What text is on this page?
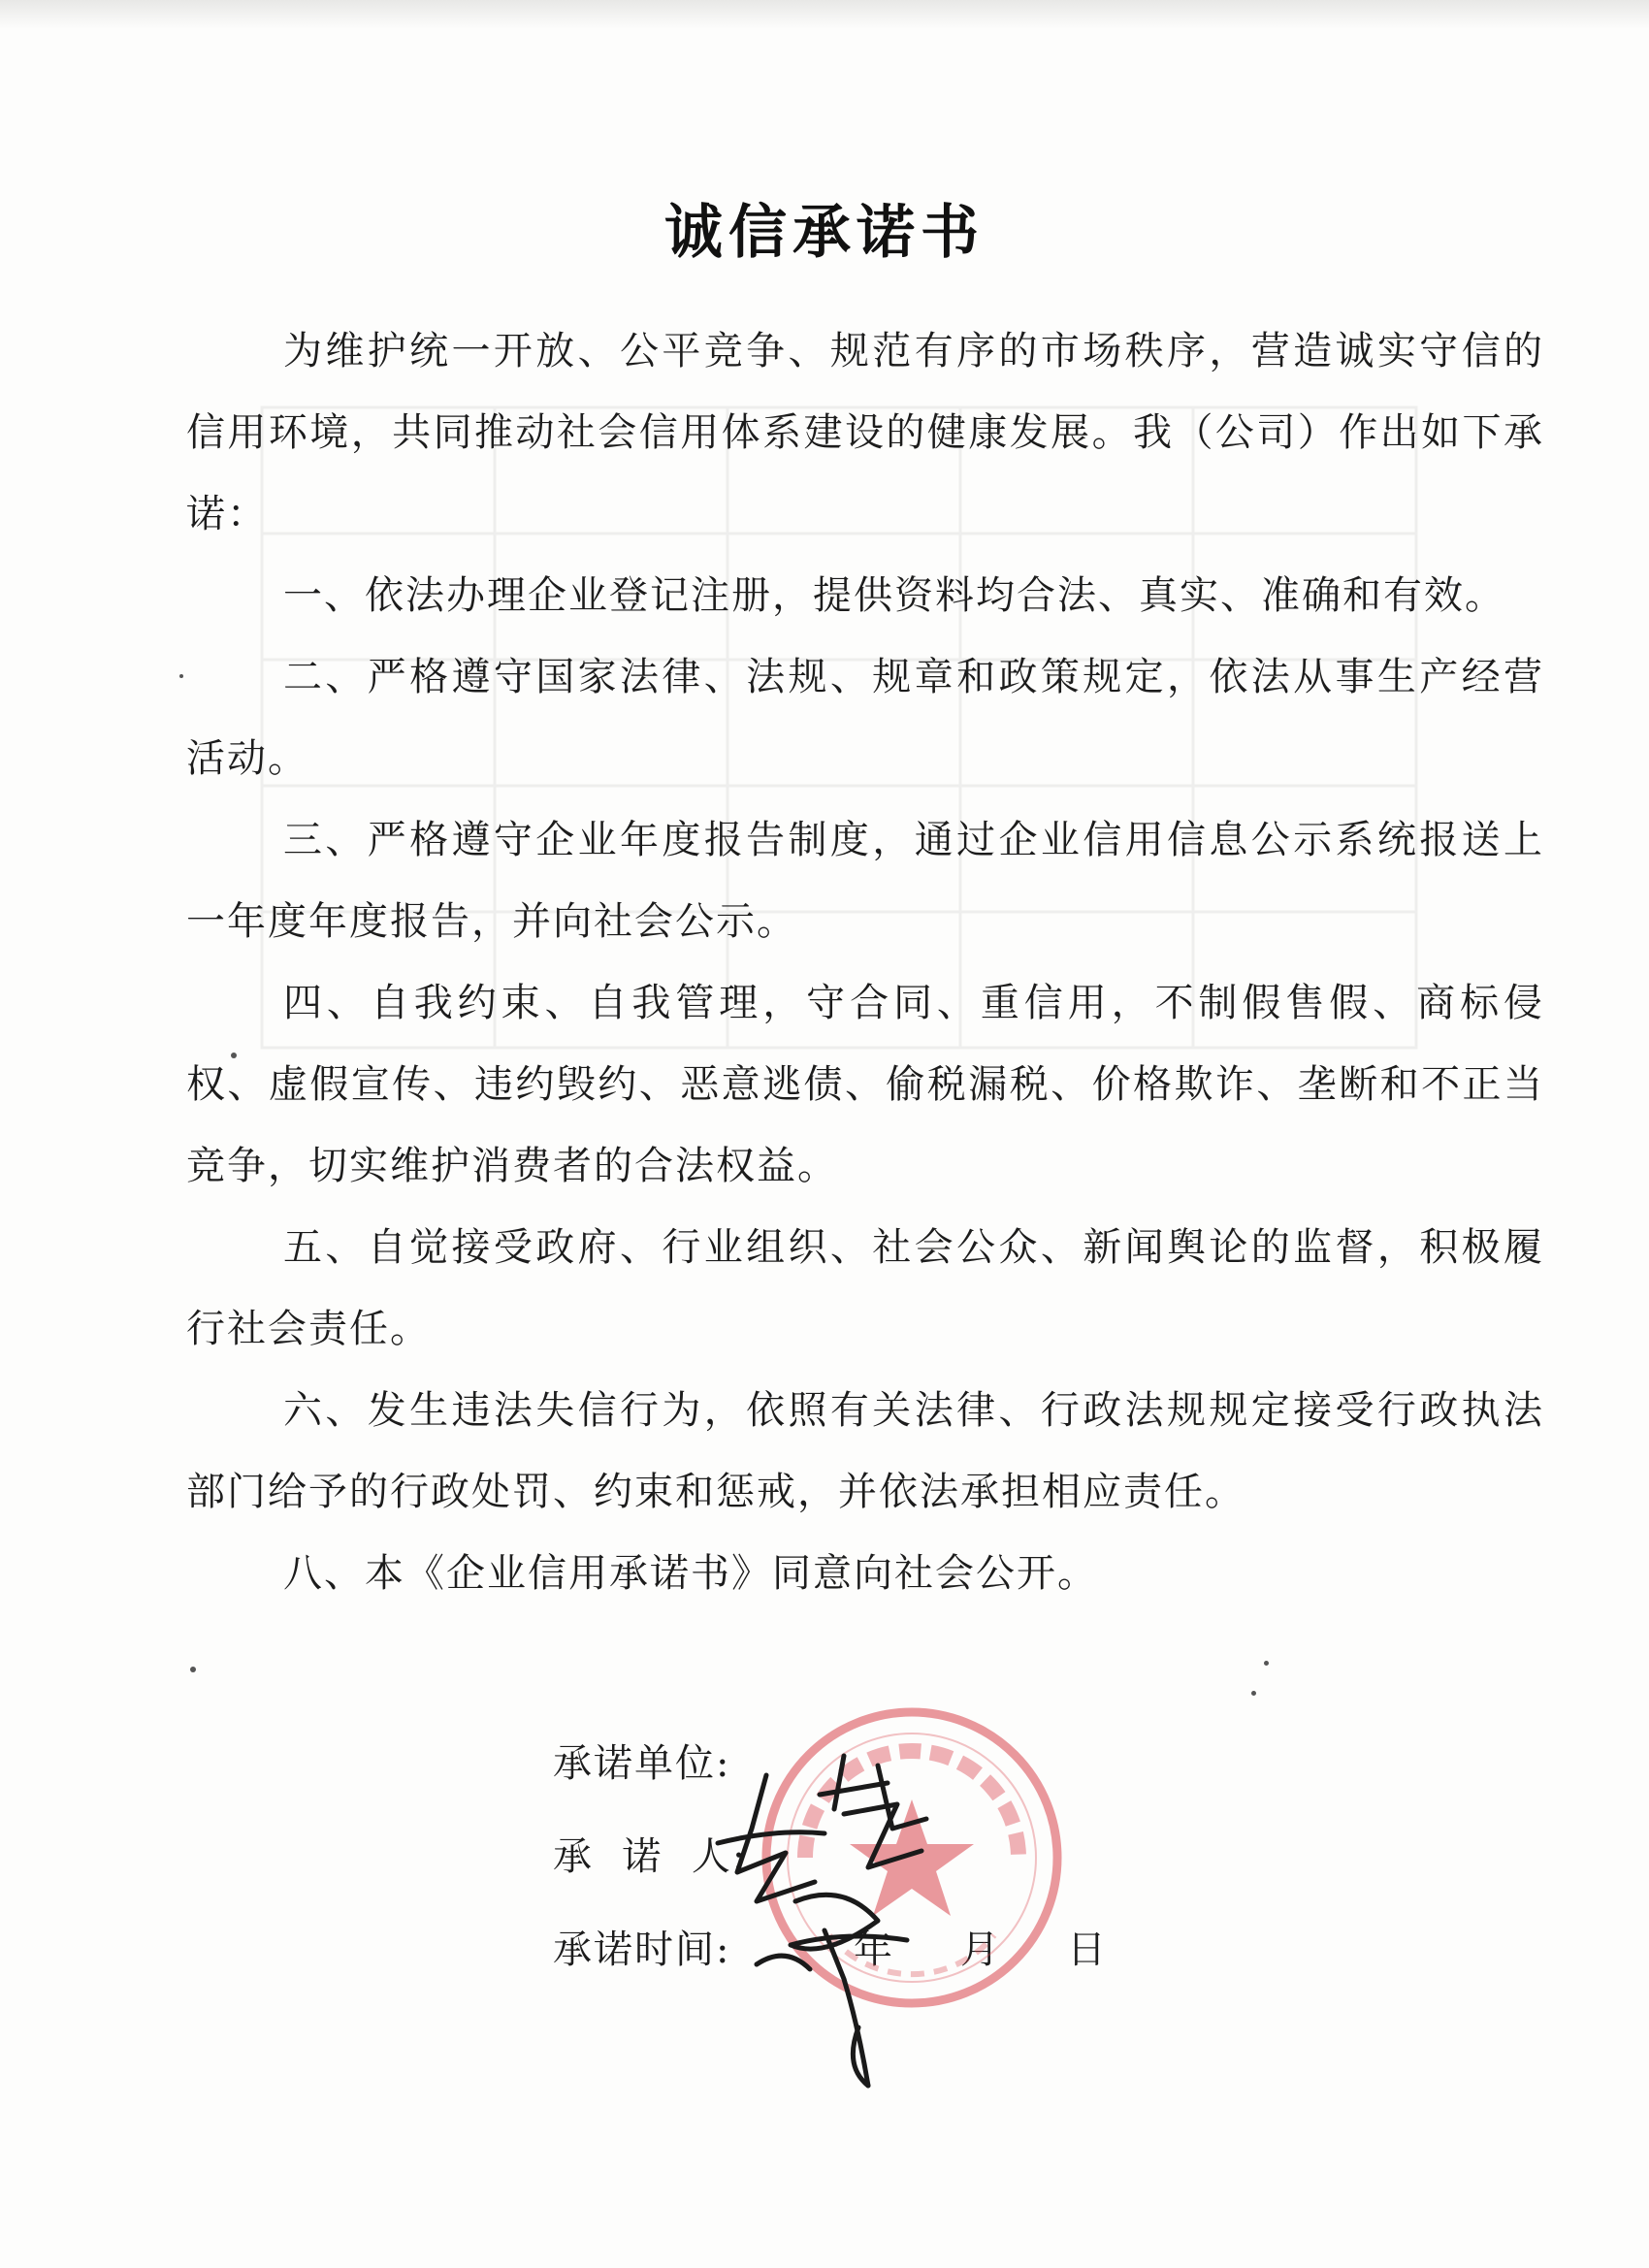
诚信承诺书

为维护统一开放、公平竞争、规范有序的市场秩序，营造诚实守信的信用环境，共同推动社会信用体系建设的健康发展。我（公司）作出如下承诺：

一、依法办理企业登记注册，提供资料均合法、真实、准确和有效。

二、严格遵守国家法律、法规、规章和政策规定，依法从事生产经营活动。

三、严格遵守企业年度报告制度，通过企业信用信息公示系统报送上一年度年度报告，并向社会公示。

四、自我约束、自我管理，守合同、重信用，不制假售假、商标侵权、虚假宣传、违约毁约、恶意逃债、偷税漏税、价格欺诈、垄断和不正当竞争，切实维护消费者的合法权益。

五、自觉接受政府、行业组织、社会公众、新闻舆论的监督，积极履行社会责任。

六、发生违法失信行为，依照有关法律、行政法规规定接受行政执法部门给予的行政处罚、约束和惩戒，并依法承担相应责任。

八、本《企业信用承诺书》同意向社会公开。

承诺单位:
承  诺  人:
承诺时间:	年 月 日
